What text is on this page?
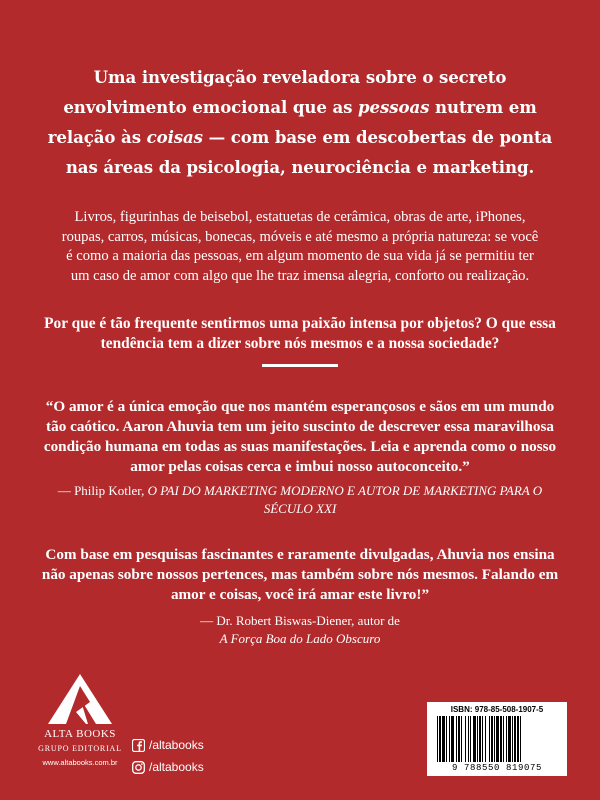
Uma investigação reveladora sobre o secreto envolvimento emocional que as pessoas nutrem em relação às coisas — com base em descobertas de ponta nas áreas da psicologia, neurociência e marketing.
Livros, figurinhas de beisebol, estatuetas de cerâmica, obras de arte, iPhones, roupas, carros, músicas, bonecas, móveis e até mesmo a própria natureza: se você é como a maioria das pessoas, em algum momento de sua vida já se permitiu ter um caso de amor com algo que lhe traz imensa alegria, conforto ou realização.
Por que é tão frequente sentirmos uma paixão intensa por objetos? O que essa tendência tem a dizer sobre nós mesmos e a nossa sociedade?
“O amor é a única emoção que nos mantém esperançosos e sãos em um mundo tão caótico. Aaron Ahuvia tem um jeito suscinto de descrever essa maravilhosa condição humana em todas as suas manifestações. Leia e aprenda como o nosso amor pelas coisas cerca e imbui nosso autoconceito.”
— Philip Kotler, O PAI DO MARKETING MODERNO E AUTOR DE MARKETING PARA O SÉCULO XXI
Com base em pesquisas fascinantes e raramente divulgadas, Ahuvia nos ensina não apenas sobre nossos pertences, mas também sobre nós mesmos. Falando em amor e coisas, você irá amar este livro!”
— Dr. Robert Biswas-Diener, autor de
A Força Boa do Lado Obscuro
ALTA BOOKS
GRUPO EDITORIAL
www.altabooks.com.br
/altabooks
/altabooks
ISBN: 978-85-508-1907-5
9 788550 819075
